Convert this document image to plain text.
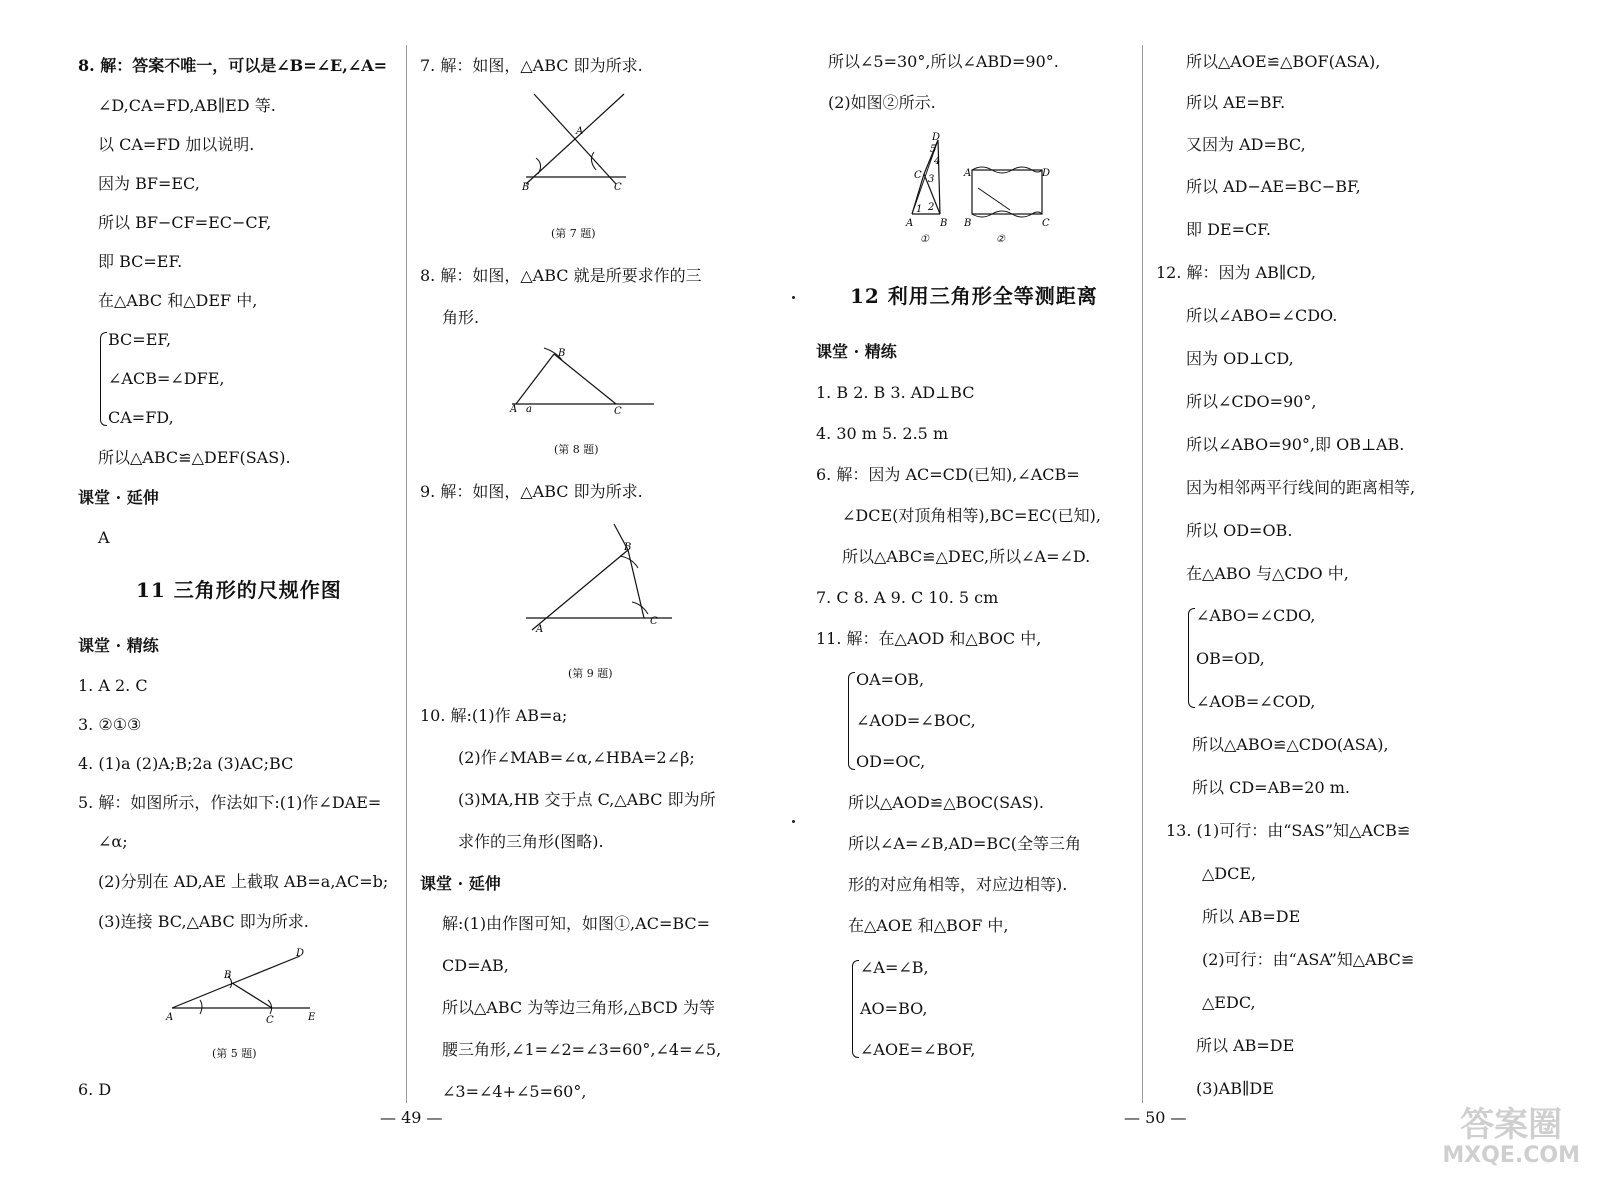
8. 解：答案不唯一，可以是∠B=∠E,∠A=
∠D,CA=FD,AB∥ED 等.
以 CA=FD 加以说明.
因为 BF=EC,
所以 BF−CF=EC−CF,
即 BC=EF.
在△ABC 和△DEF 中,
BC=EF,
∠ACB=∠DFE,
CA=FD,
所以△ABC≌△DEF(SAS).
课堂 · 延伸
A
11 三角形的尺规作图
课堂 · 精练
1. A 2. C
3. ②①③
4. (1)a (2)A;B;2a (3)AC;BC
5. 解：如图所示，作法如下:(1)作∠DAE=
∠α;
(2)分别在 AD,AE 上截取 AB=a,AC=b;
(3)连接 BC,△ABC 即为所求.
A
B
C
D
E
(第 5 题)
6. D
— 49 —
7. 解：如图，△ABC 即为所求.
B
A
C
(第 7 题)
8. 解：如图，△ABC 就是所要求作的三
角形.
A
B
C
a
(第 8 题)
9. 解：如图，△ABC 即为所求.
A
B
C
(第 9 题)
10. 解:(1)作 AB=a;
(2)作∠MAB=∠α,∠HBA=2∠β;
(3)MA,HB 交于点 C,△ABC 即为所
求作的三角形(图略).
课堂 · 延伸
解:(1)由作图可知，如图①,AC=BC=
CD=AB,
所以△ABC 为等边三角形,△BCD 为等
腰三角形,∠1=∠2=∠3=60°,∠4=∠5,
∠3=∠4+∠5=60°,
所以∠5=30°,所以∠ABD=90°.
(2)如图②所示.
D
C
A	B
1 2
3
4
5
①
A
B	C
D
②
12 利用三角形全等测距离
课堂 · 精练
1. B 2. B 3. AD⊥BC
4. 30 m 5. 2.5 m
6. 解：因为 AC=CD(已知),∠ACB=
∠DCE(对顶角相等),BC=EC(已知),
所以△ABC≌△DEC,所以∠A=∠D.
7. C 8. A 9. C 10. 5 cm
11. 解：在△AOD 和△BOC 中,
OA=OB,
∠AOD=∠BOC,
OD=OC,
所以△AOD≌△BOC(SAS).
所以∠A=∠B,AD=BC(全等三角
形的对应角相等，对应边相等).
在△AOE 和△BOF 中,
∠A=∠B,
AO=BO,
∠AOE=∠BOF,
— 50 —
所以△AOE≌△BOF(ASA),
所以 AE=BF.
又因为 AD=BC,
所以 AD−AE=BC−BF,
即 DE=CF.
12. 解：因为 AB∥CD,
所以∠ABO=∠CDO.
因为 OD⊥CD,
所以∠CDO=90°,
所以∠ABO=90°,即 OB⊥AB.
因为相邻两平行线间的距离相等,
所以 OD=OB.
在△ABO 与△CDO 中,
∠ABO=∠CDO,
OB=OD,
∠AOB=∠COD,
所以△ABO≌△CDO(ASA),
所以 CD=AB=20 m.
13. (1)可行：由“SAS”知△ACB≌
△DCE,
所以 AB=DE
(2)可行：由“ASA”知△ABC≌
△EDC,
所以 AB=DE
(3)AB∥DE
答案圈
MXQE.COM
